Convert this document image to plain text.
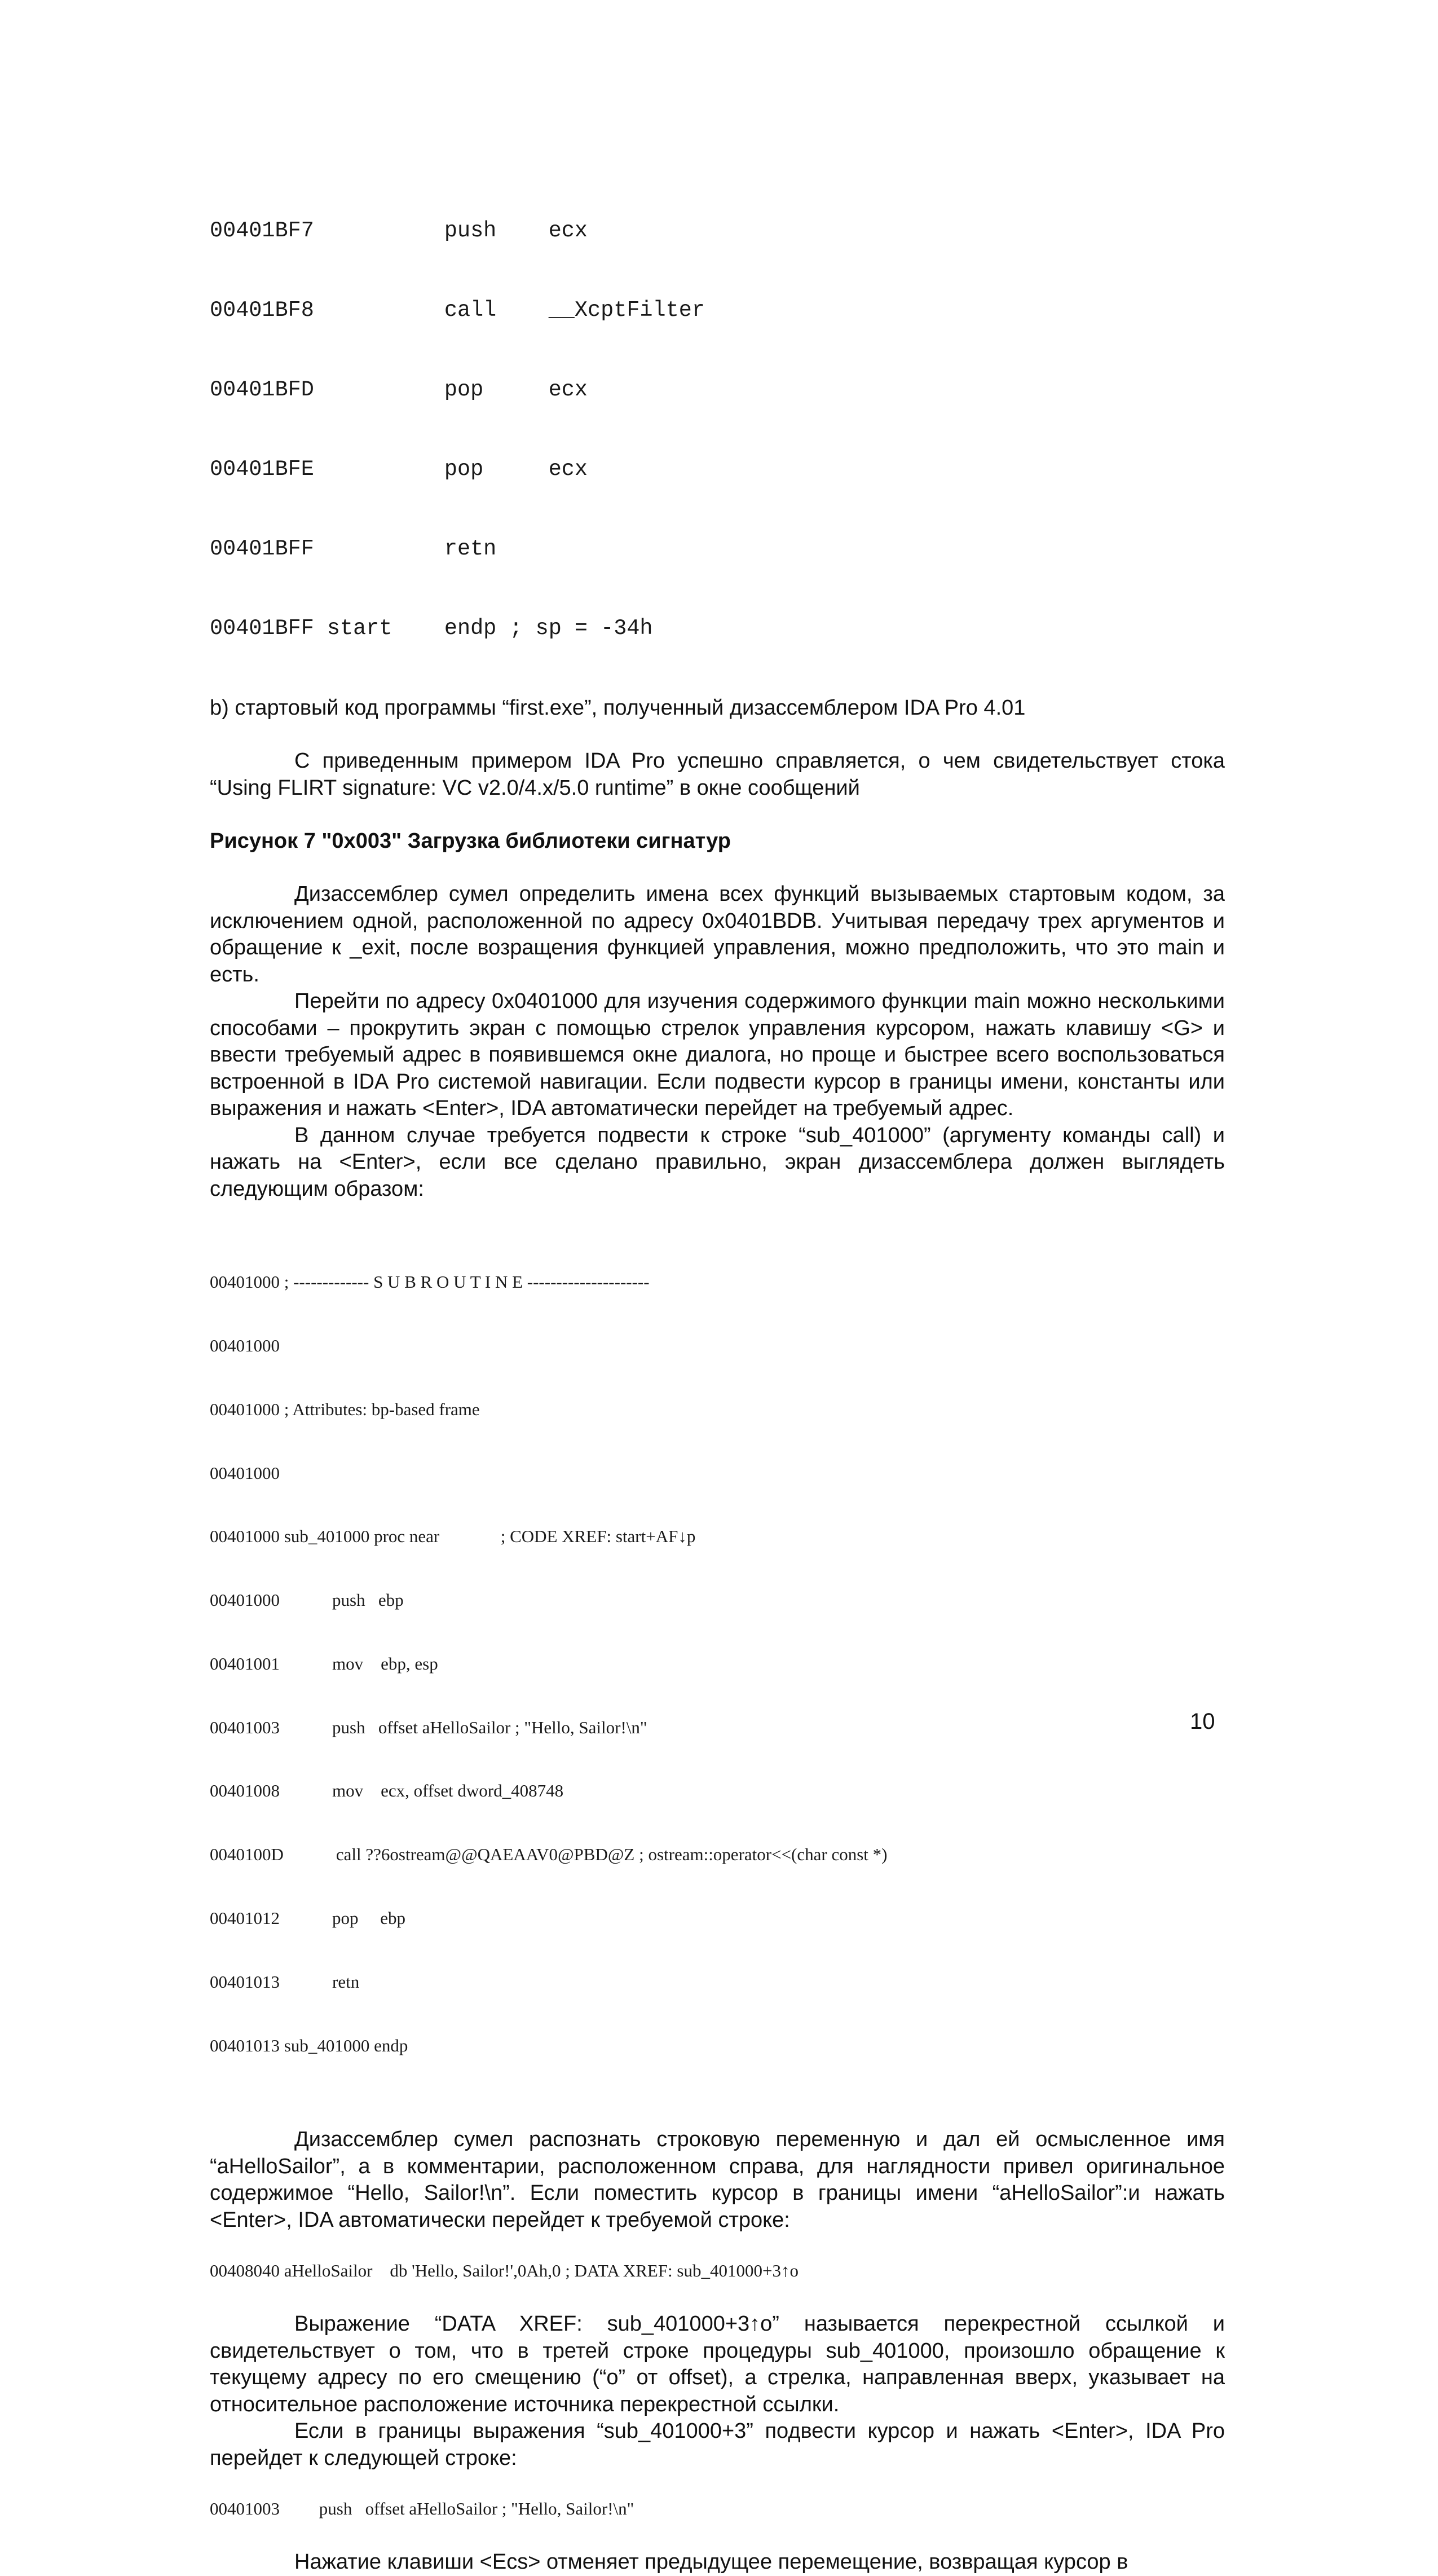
00401BF7          push    ecx

00401BF8          call    __XcptFilter

00401BFD          pop     ecx

00401BFE          pop     ecx

00401BFF          retn

00401BFF start    endp ; sp = -34h

b) стартовый код программы “first.exe”, полученный дизассемблером IDA Pro 4.01

С приведенным примером IDA Pro успешно справляется, о чем свидетельствует стока “Using FLIRT signature: VC v2.0/4.x/5.0 runtime” в окне сообщений

Рисунок 7 "0x003" Загрузка библиотеки сигнатур

Дизассемблер сумел определить имена всех функций вызываемых стартовым кодом, за исключением одной, расположенной по адресу 0x0401BDB. Учитывая передачу трех аргументов и обращение к _exit, после возращения функцией управления, можно предположить, что это main и есть.

Перейти по адресу 0x0401000 для изучения содержимого функции main можно несколькими способами – прокрутить экран с помощью стрелок управления курсором, нажать клавишу <G> и ввести требуемый адрес в появившемся окне диалога, но проще и быстрее всего воспользоваться встроенной в IDA Pro системой навигации. Если подвести курсор в границы имени, константы или выражения и нажать <Enter>, IDA автоматически перейдет на требуемый адрес.

В данном случае требуется подвести к строке “sub_401000” (аргументу команды call) и нажать на <Enter>, если все сделано правильно, экран дизассемблера должен выглядеть следующим образом:

00401000 ; ------------- S U B R O U T I N E ---------------------

00401000

00401000 ; Attributes: bp-based frame

00401000

00401000 sub_401000 proc near              ; CODE XREF: start+AF↓p

00401000            push   ebp

00401001            mov    ebp, esp

00401003            push   offset aHelloSailor ; "Hello, Sailor!\n"

00401008            mov    ecx, offset dword_408748

0040100D            call ??6ostream@@QAEAAV0@PBD@Z ; ostream::operator<<(char const *)

00401012            pop     ebp

00401013            retn

00401013 sub_401000 endp

Дизассемблер сумел распознать строковую переменную и дал ей осмысленное имя “aHelloSailor”, а в комментарии, расположенном справа, для наглядности привел оригинальное содержимое “Hello, Sailor!\n”. Если поместить курсор в границы имени “aHelloSailor”:и нажать <Enter>, IDA автоматически перейдет к требуемой строке:

00408040 aHelloSailor    db 'Hello, Sailor!',0Ah,0 ; DATA XREF: sub_401000+3↑o

Выражение “DATA XREF: sub_401000+3↑o” называется перекрестной ссылкой и свидетельствует о том, что в третей строке процедуры sub_401000, произошло обращение к текущему адресу по его смещению (“o” от offset), а стрелка, направленная вверх, указывает на относительное расположение источника перекрестной ссылки.

Если в границы выражения “sub_401000+3” подвести курсор и нажать <Enter>, IDA Pro перейдет к следующей строке:

00401003         push   offset aHelloSailor ; "Hello, Sailor!\n"

Нажатие клавиши <Ecs> отменяет предыдущее перемещение, возвращая курсор в

10
